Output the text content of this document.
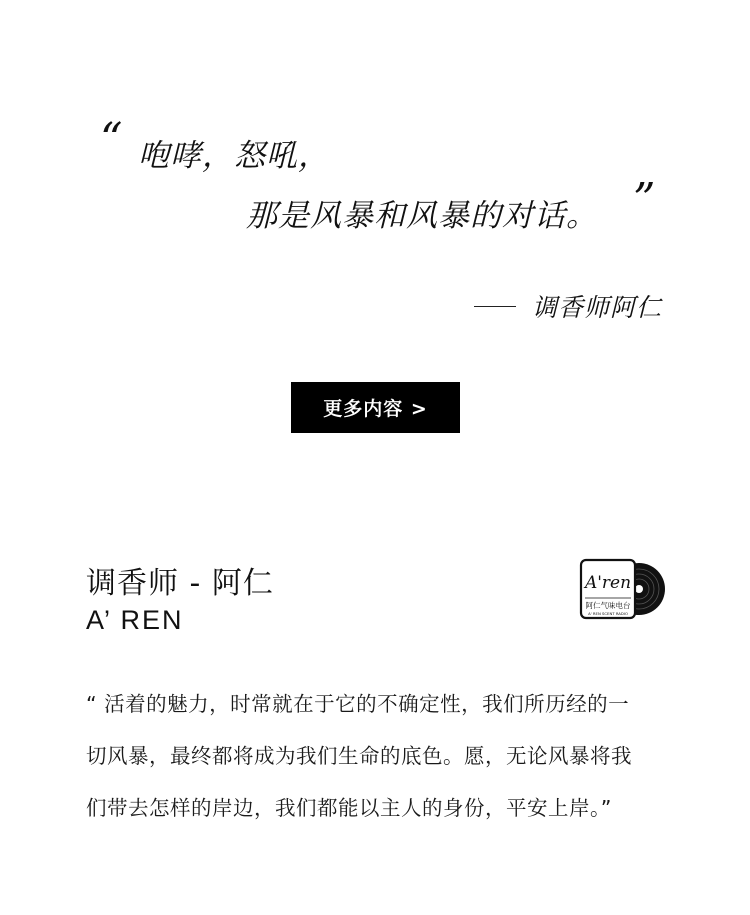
“ 咆哮，怒吼，
那是风暴和风暴的对话。 ”
调香师阿仁
更多内容 >
调香师 - 阿仁
A’ REN
A'ren
阿仁气味电台
A' REN SCENT RADIO
“ 活着的魅力，时常就在于它的不确定性，我们所历经的一
切风暴，最终都将成为我们生命的底色。愿，无论风暴将我
们带去怎样的岸边，我们都能以主人的身份，平安上岸。”
